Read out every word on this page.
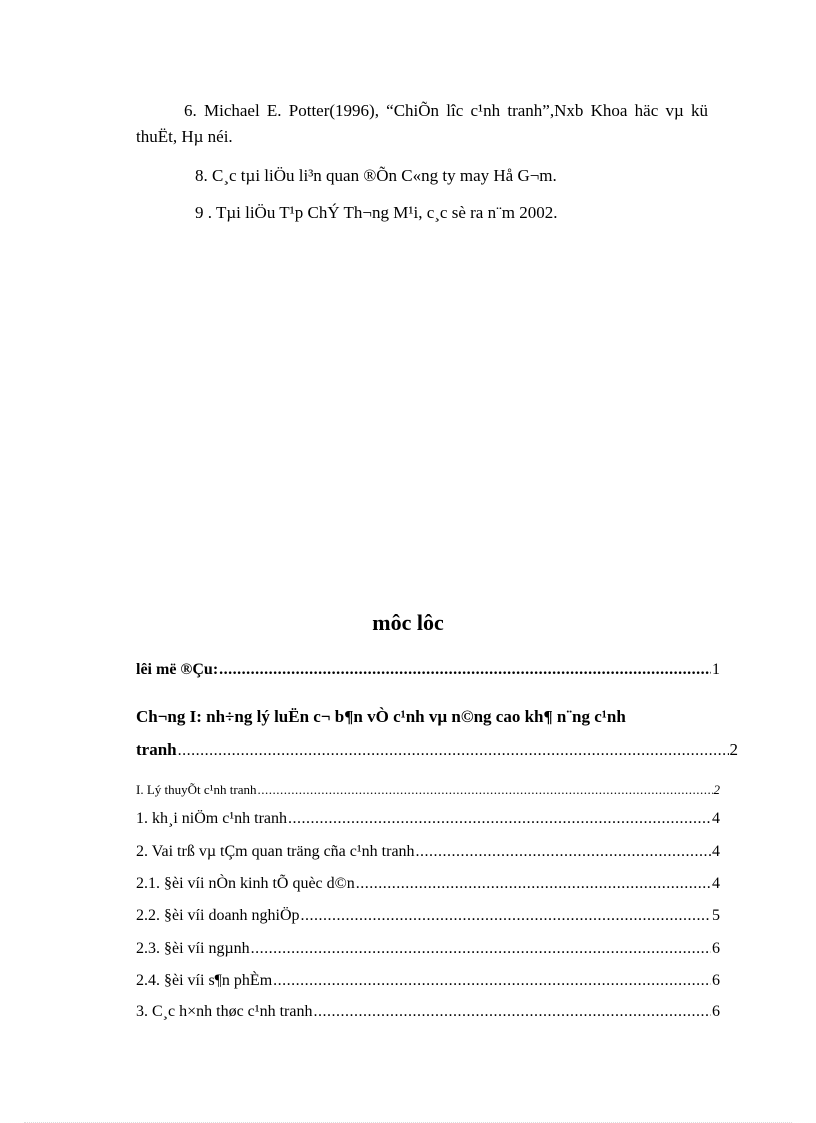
6. Michael E. Potter(1996), “ChiÕn lîc c¹nh tranh”,Nxb Khoa häc vµ kü thuËt, Hµ néi.
8. C¸c tµi liÖu li³n quan ®Õn C«ng ty may Hå G¬m.
9 . Tµi liÖu T¹p ChÝ Th¬ng M¹i, c¸c sè ra n¨m 2002.
môc lôc
lêi më ®Çu: .....	1
Ch¬ng I: nh÷ng lý luËn c¬ b¶n vÒ c¹nh vµ n©ng cao kh¶ n¨ng c¹nh
tranh .....	2
I. Lý thuyÕt c¹nh tranh .....	2
1. kh¸i niÖm c¹nh tranh .....	4
2. Vai trß vµ tÇm quan träng cña c¹nh tranh .....	4
2.1. §èi víi nÒn kinh tÕ quèc d©n .....	4
2.2. §èi víi doanh nghiÖp .....	5
2.3. §èi víi ngµnh .....	6
2.4. §èi víi s¶n phÈm .....	6
3. C¸c h×nh thøc c¹nh tranh .....	6
